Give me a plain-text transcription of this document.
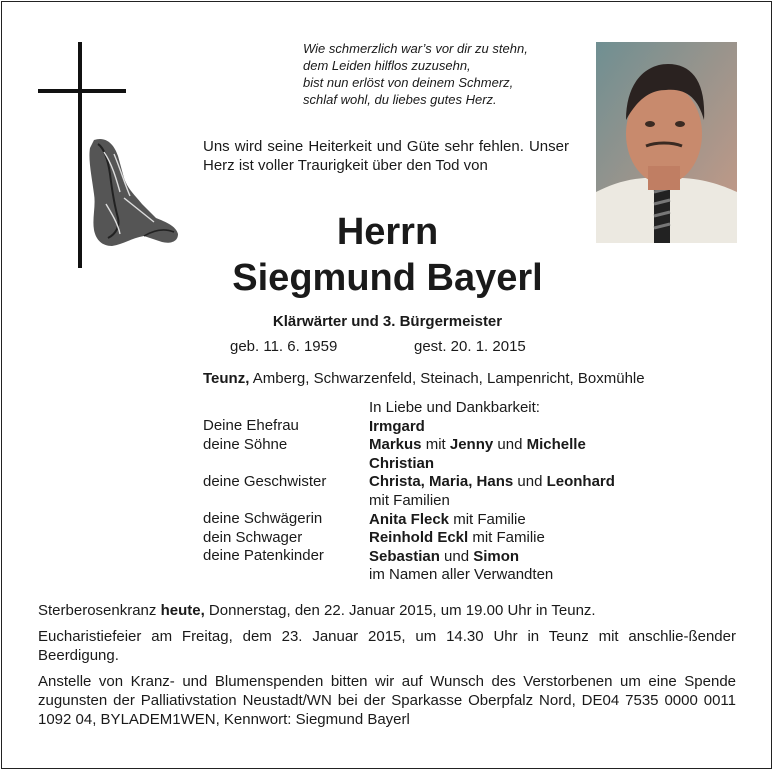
Wie schmerzlich war’s vor dir zu stehn,
dem Leiden hilflos zuzusehn,
bist nun erlöst von deinem Schmerz,
schlaf wohl, du liebes gutes Herz.
Uns wird seine Heiterkeit und Güte sehr fehlen. Unser Herz ist voller Traurigkeit über den Tod von
Herrn
Siegmund Bayerl
Klärwärter und 3. Bürgermeister
geb. 11. 6. 1959	gest. 20. 1. 2015
Teunz, Amberg, Schwarzenfeld, Steinach, Lampenricht, Boxmühle
Deine Ehefrau
deine Söhne

deine Geschwister

deine Schwägerin
dein Schwager
deine Patenkinder
In Liebe und Dankbarkeit:
Irmgard
Markus mit Jenny und Michelle
Christian
Christa, Maria, Hans und Leonhard
mit Familien
Anita Fleck mit Familie
Reinhold Eckl mit Familie
Sebastian und Simon
im Namen aller Verwandten
Sterberosenkranz heute, Donnerstag, den 22. Januar 2015, um 19.00 Uhr in Teunz.
Eucharistiefeier am Freitag, dem 23. Januar 2015, um 14.30 Uhr in Teunz mit anschlie-ßender Beerdigung.
Anstelle von Kranz- und Blumenspenden bitten wir auf Wunsch des Verstorbenen um eine Spende zugunsten der Palliativstation Neustadt/WN bei der Sparkasse Oberpfalz Nord, DE04 7535 0000 0011 1092 04, BYLADEM1WEN, Kennwort: Siegmund Bayerl
